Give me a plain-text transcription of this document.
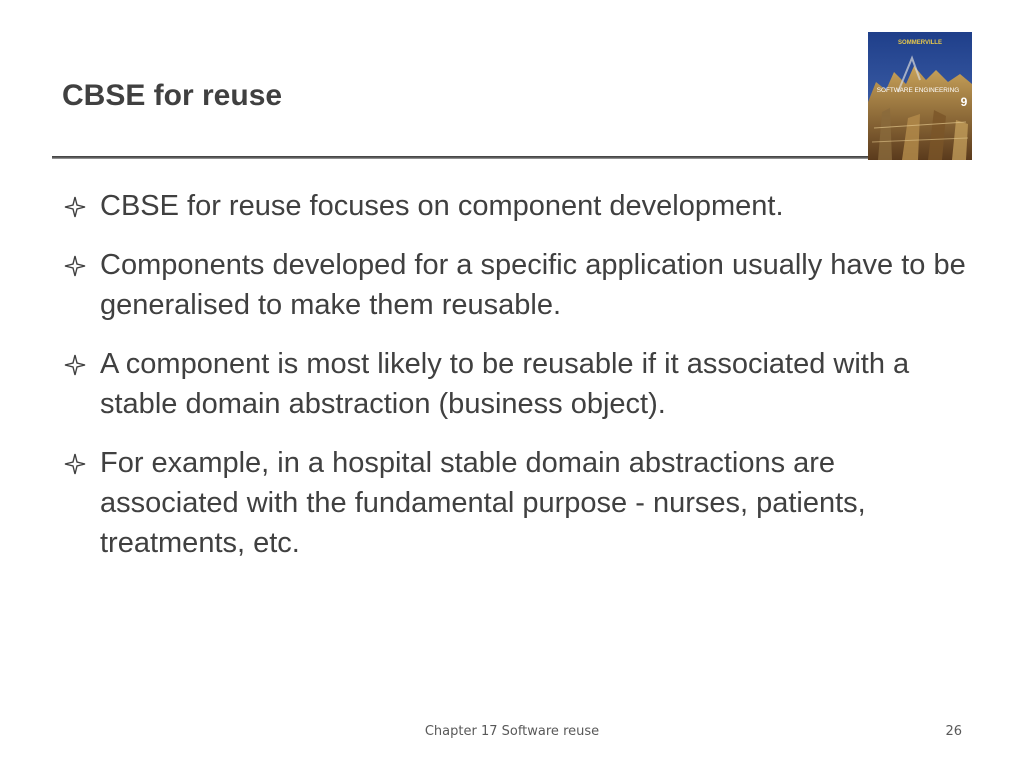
CBSE for reuse
SOMMERVILLE
SOFTWARE ENGINEERING
9
CBSE for reuse focuses on component development.
Components developed for a specific application usually have to be generalised to make them reusable.
A component is most likely to be reusable if it associated with a stable domain abstraction (business object).
For example, in a hospital stable domain abstractions are associated with the fundamental purpose - nurses, patients, treatments, etc.
Chapter 17 Software reuse	26
